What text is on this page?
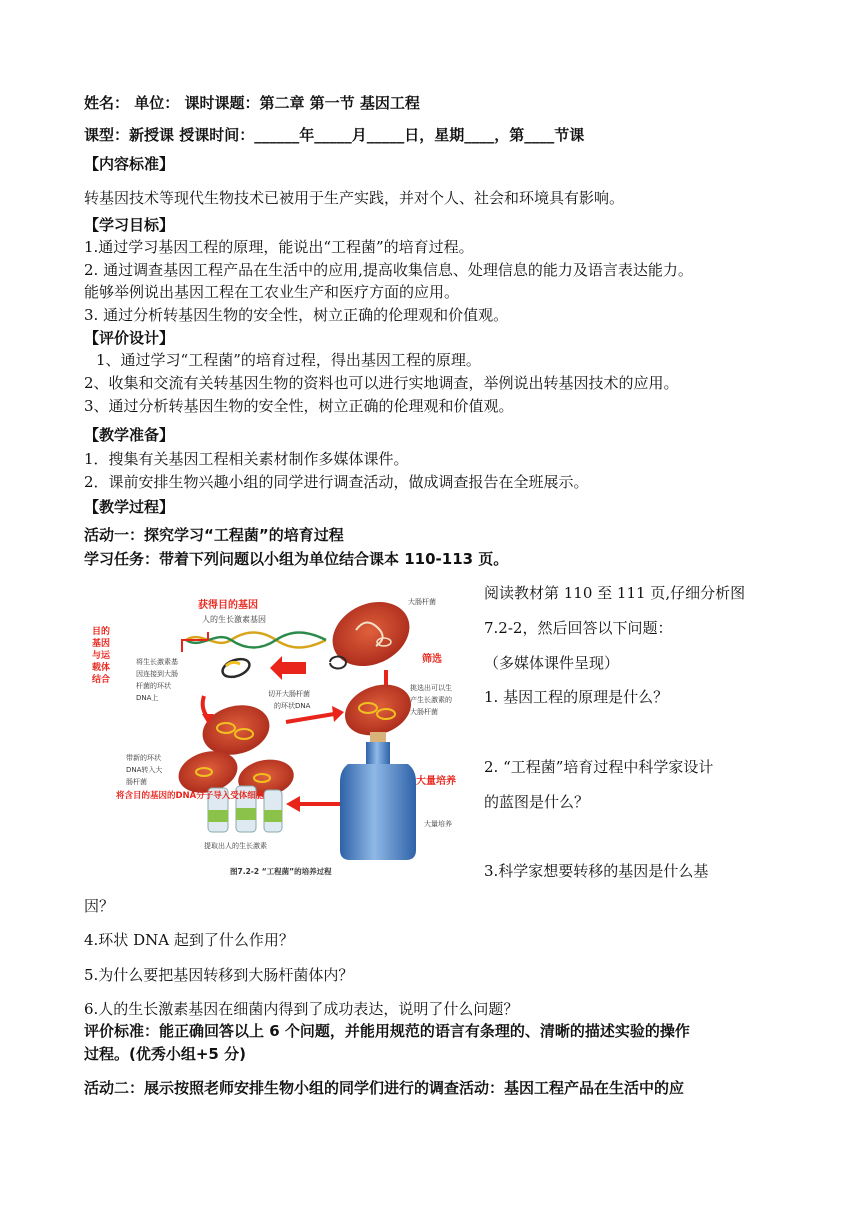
姓名： 单位： 课时课题：第二章 第一节 基因工程
课型：新授课 授课时间：______年_____月_____日，星期____，第____节课
【内容标准】
转基因技术等现代生物技术已被用于生产实践，并对个人、社会和环境具有影响。
【学习目标】
1.通过学习基因工程的原理，能说出“工程菌”的培育过程。
2. 通过调查基因工程产品在生活中的应用,提高收集信息、处理信息的能力及语言表达能力。
能够举例说出基因工程在工农业生产和医疗方面的应用。
3. 通过分析转基因生物的安全性，树立正确的伦理观和价值观。
【评价设计】
1、通过学习“工程菌”的培育过程，得出基因工程的原理。
2、收集和交流有关转基因生物的资料也可以进行实地调查，举例说出转基因技术的应用。
3、通过分析转基因生物的安全性，树立正确的伦理观和价值观。
【教学准备】
1．搜集有关基因工程相关素材制作多媒体课件。
2．课前安排生物兴趣小组的同学进行调查活动，做成调查报告在全班展示。
【教学过程】
活动一：探究学习“工程菌”的培育过程
学习任务：带着下列问题以小组为单位结合课本 110-113 页。
获得目的基因
人的生长激素基因
大肠杆菌
目的
基因
与运
载体
结合
将生长激素基
因连接到大肠
杆菌的环状
DNA上	切开大肠杆菌
的环状DNA
筛选
挑选出可以生
产生长激素的
大肠杆菌
带新的环状
DNA转入大
肠杆菌	大量培养
大量培养
将含目的基因的DNA分子导入受体细胞
提取出人的生长激素
图7.2-2 “工程菌”的培养过程
阅读教材第 110 至 111 页,仔细分析图
7.2-2，然后回答以下问题：
（多媒体课件呈现）
1. 基因工程的原理是什么？
2. “工程菌”培育过程中科学家设计
的蓝图是什么？
3.科学家想要转移的基因是什么基
因？
4.环状 DNA 起到了什么作用？
5.为什么要把基因转移到大肠杆菌体内？
6.人的生长激素基因在细菌内得到了成功表达，说明了什么问题？
评价标准：能正确回答以上 6 个问题，并能用规范的语言有条理的、清晰的描述实验的操作
过程。(优秀小组+5 分)
活动二：展示按照老师安排生物小组的同学们进行的调查活动：基因工程产品在生活中的应
